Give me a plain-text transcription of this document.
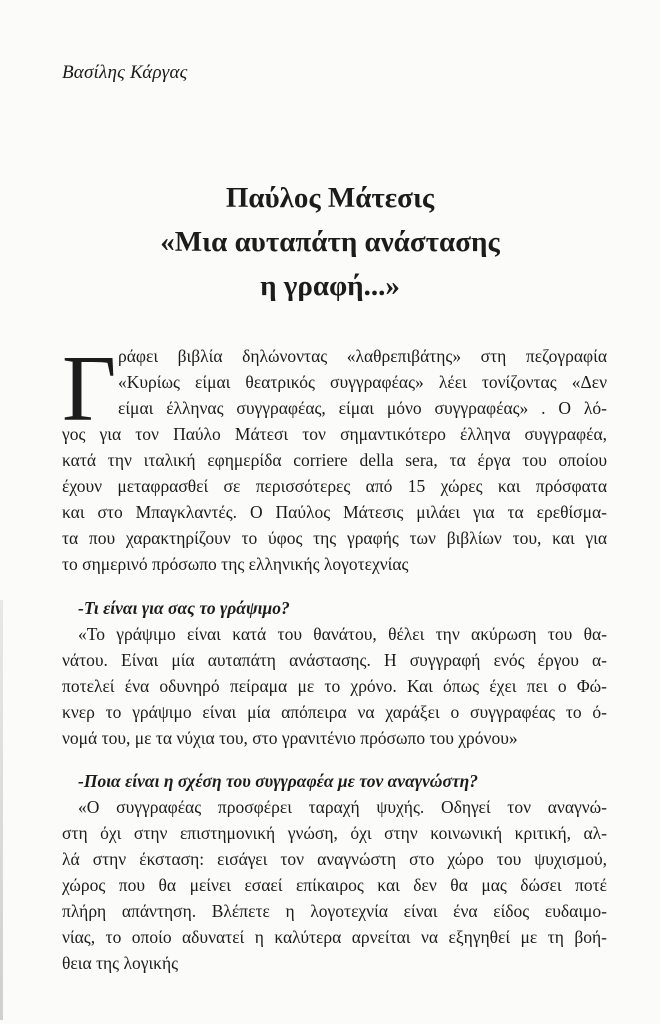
Βασίλης Κάργας
Παύλος Μάτεσις
«Μια αυταπάτη ανάστασης
η γραφή...»
Γ ράφει βιβλία δηλώνοντας «λαθρεπιβάτης» στη πεζογραφία
«Κυρίως είμαι θεατρικός συγγραφέας» λέει τονίζοντας «Δεν
είμαι έλληνας συγγραφέας, είμαι μόνο συγγραφέας» . Ο λό-
γος για τον Παύλο Μάτεσι τον σημαντικότερο έλληνα συγγραφέα,
κατά την ιταλική εφημερίδα corriere della sera, τα έργα του οποίου
έχουν μεταφρασθεί σε περισσότερες από 15 χώρες και πρόσφατα
και στο Μπαγκλαντές. Ο Παύλος Μάτεσις μιλάει για τα ερεθίσμα-
τα που χαρακτηρίζουν το ύφος της γραφής των βιβλίων του, και για
το σημερινό πρόσωπο της ελληνικής λογοτεχνίας
-Τι είναι για σας το γράψιμο?
«Το γράψιμο είναι κατά του θανάτου, θέλει την ακύρωση του θα-
νάτου. Είναι μία αυταπάτη ανάστασης. Η συγγραφή ενός έργου α-
ποτελεί ένα οδυνηρό πείραμα με το χρόνο. Και όπως έχει πει ο Φώ-
κνερ το γράψιμο είναι μία απόπειρα να χαράξει ο συγγραφέας το ό-
νομά του, με τα νύχια του, στο γρανιτένιο πρόσωπο του χρόνου»
-Ποια είναι η σχέση του συγγραφέα με τον αναγνώστη?
«Ο συγγραφέας προσφέρει ταραχή ψυχής. Οδηγεί τον αναγνώ-
στη όχι στην επιστημονική γνώση, όχι στην κοινωνική κριτική, αλ-
λά στην έκσταση: εισάγει τον αναγνώστη στο χώρο του ψυχισμού,
χώρος που θα μείνει εσαεί επίκαιρος και δεν θα μας δώσει ποτέ
πλήρη απάντηση. Βλέπετε η λογοτεχνία είναι ένα είδος ευδαιμο-
νίας, το οποίο αδυνατεί η καλύτερα αρνείται να εξηγηθεί με τη βοή-
θεια της λογικής
